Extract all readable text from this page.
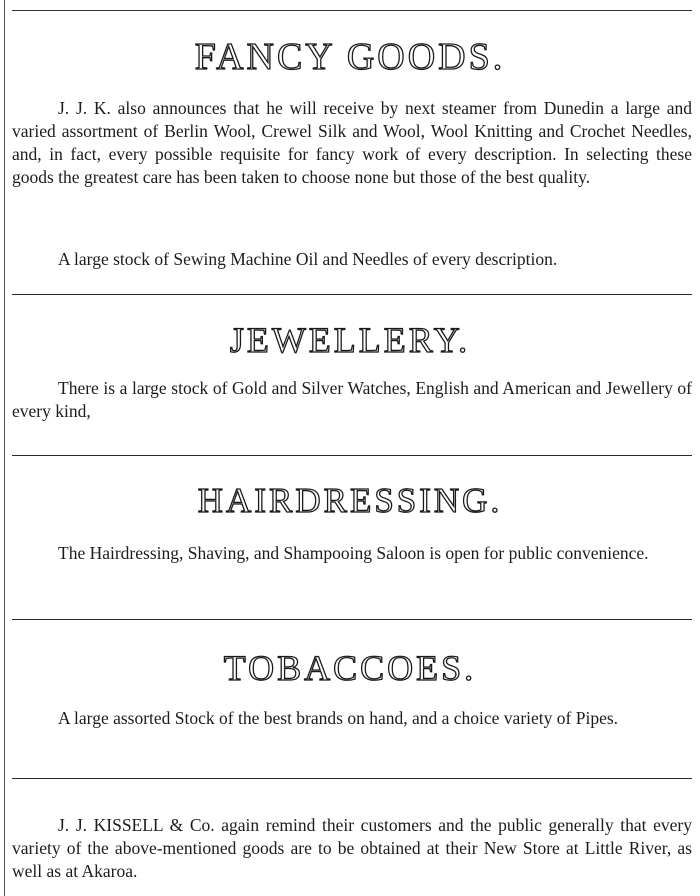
FANCY GOODS.

J. J. K. also announces that he will receive by next steamer from Dunedin a large and varied assortment of Berlin Wool, Crewel Silk and Wool, Wool Knitting and Crochet Needles, and, in fact, every possible requisite for fancy work of every description. In selecting these goods the greatest care has been taken to choose none but those of the best quality.

A large stock of Sewing Machine Oil and Needles of every description.

JEWELLERY.

There is a large stock of Gold and Silver Watches, English and American and Jewellery of every kind,

HAIRDRESSING.

The Hairdressing, Shaving, and Shampooing Saloon is open for public convenience.

TOBACCOES.

A large assorted Stock of the best brands on hand, and a choice variety of Pipes.

J. J. KISSELL & Co. again remind their customers and the public generally that every variety of the above-mentioned goods are to be obtained at their New Store at Little River, as well as at Akaroa.
